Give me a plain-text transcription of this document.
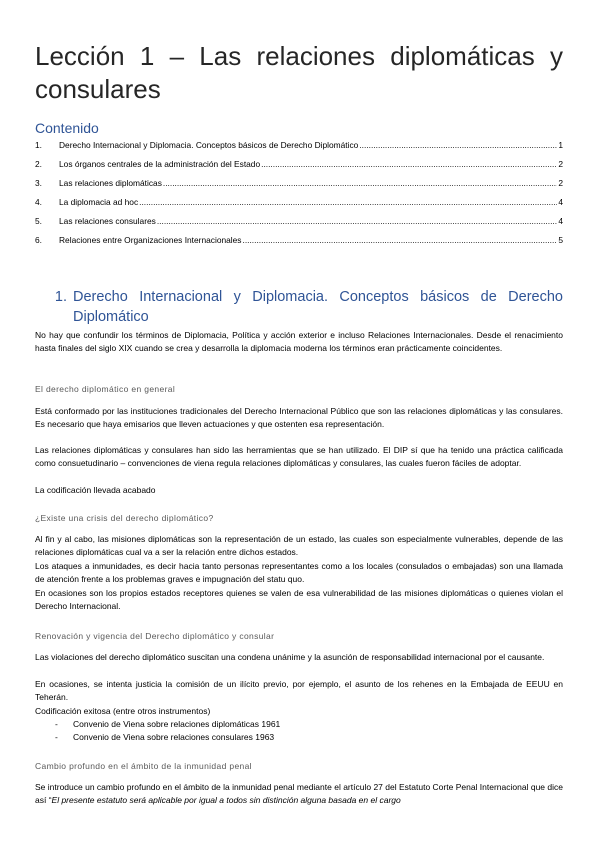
Lección 1 – Las relaciones diplomáticas y consulares
Contenido
1.	Derecho Internacional y Diplomacia. Conceptos básicos de Derecho Diplomático .....	1
2.	Los órganos centrales de la administración del Estado .....	2
3.	Las relaciones diplomáticas .....	2
4.	La diplomacia ad hoc .....	4
5.	Las relaciones consulares .....	4
6.	Relaciones entre Organizaciones Internacionales .....	5
1. Derecho Internacional y Diplomacia. Conceptos básicos de Derecho Diplomático

No hay que confundir los términos de Diplomacia, Política y acción exterior e incluso Relaciones Internacionales. Desde el renacimiento hasta finales del siglo XIX cuando se crea y desarrolla la diplomacia moderna los términos eran prácticamente coincidentes.

El derecho diplomático en general

Está conformado por las instituciones tradicionales del Derecho Internacional Público que son las relaciones diplomáticas y las consulares. Es necesario que haya emisarios que lleven actuaciones y que ostenten esa representación.

Las relaciones diplomáticas y consulares han sido las herramientas que se han utilizado. El DIP sí que ha tenido una práctica calificada como consuetudinario – convenciones de viena regula relaciones diplomáticas y consulares, las cuales fueron fáciles de adoptar.

La codificación llevada acabado

¿Existe una crisis del derecho diplomático?

Al fin y al cabo, las misiones diplomáticas son la representación de un estado, las cuales son especialmente vulnerables, depende de las relaciones diplomáticas cual va a ser la relación entre dichos estados.

Los ataques a inmunidades, es decir hacia tanto personas representantes como a los locales (consulados o embajadas) son una llamada de atención frente a los problemas graves e impugnación del statu quo.

En ocasiones son los propios estados receptores quienes se valen de esa vulnerabilidad de las misiones diplomáticas o quienes violan el Derecho Internacional.

Renovación y vigencia del Derecho diplomático y consular

Las violaciones del derecho diplomático suscitan una condena unánime y la asunción de responsabilidad internacional por el causante.

En ocasiones, se intenta justicia la comisión de un ilícito previo, por ejemplo, el asunto de los rehenes en la Embajada de EEUU en Teherán.

Codificación exitosa (entre otros instrumentos)

-	Convenio de Viena sobre relaciones diplomáticas 1961
-	Convenio de Viena sobre relaciones consulares 1963
Cambio profundo en el ámbito de la inmunidad penal

Se introduce un cambio profundo en el ámbito de la inmunidad penal mediante el artículo 27 del Estatuto Corte Penal Internacional que dice así “El presente estatuto será aplicable por igual a todos sin distinción alguna basada en el cargo
